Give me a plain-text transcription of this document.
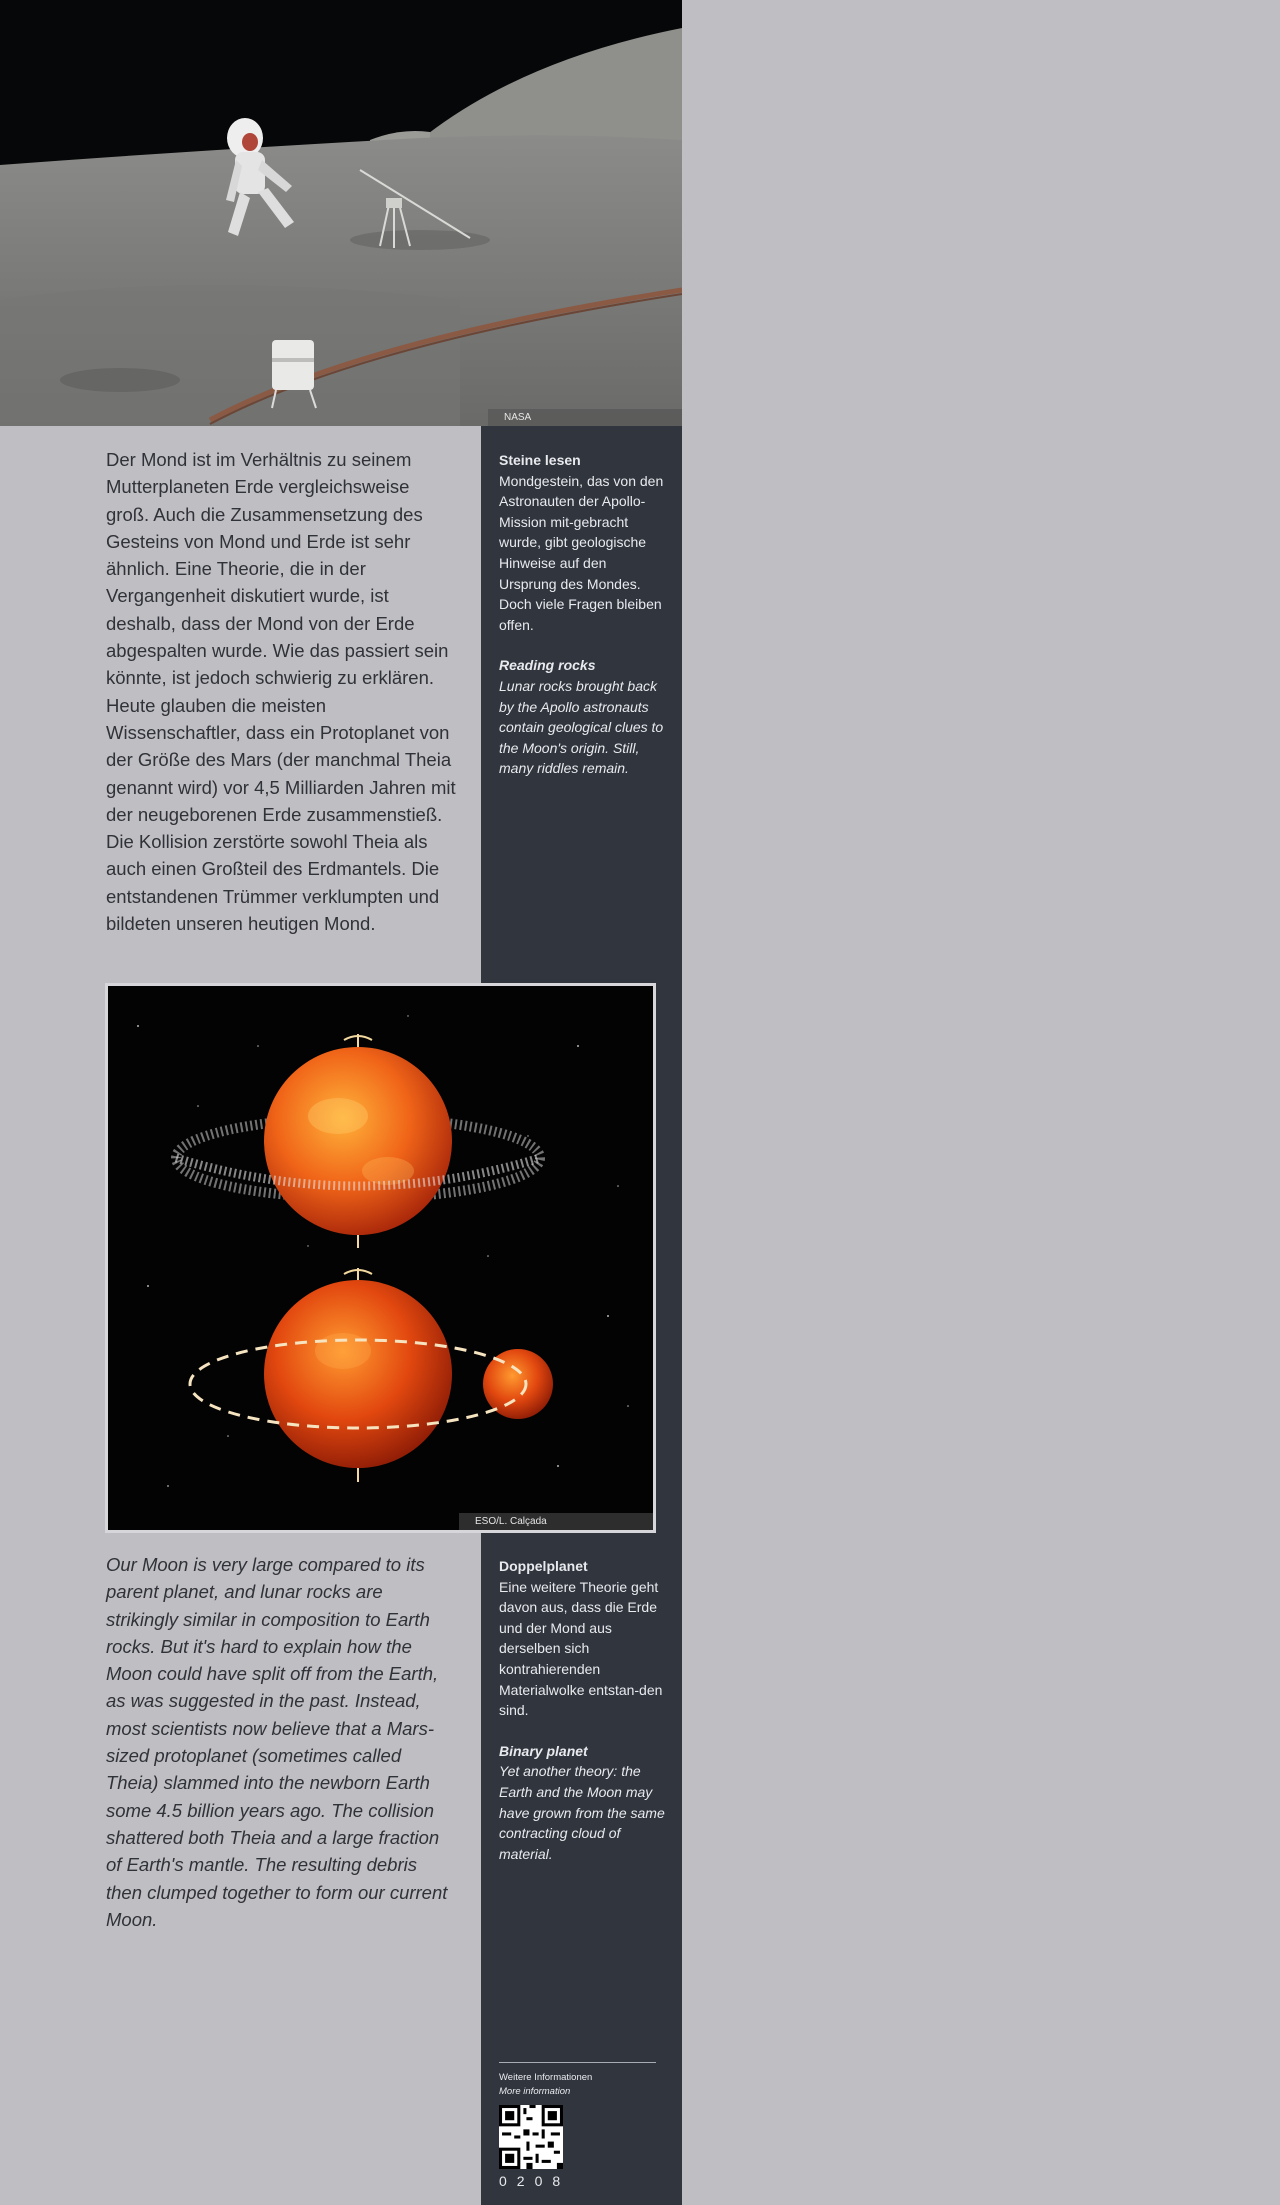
NASA
Steine lesen
Mondgestein, das von den Astronauten der Apollo-Mission mit-gebracht wurde, gibt geologische Hinweise auf den Ursprung des Mondes. Doch viele Fragen bleiben offen.
Reading rocks
Lunar rocks brought back by the Apollo astronauts contain geological clues to the Moon's origin. Still, many riddles remain.
Doppelplanet
Eine weitere Theorie geht davon aus, dass die Erde und der Mond aus derselben sich kontrahierenden Materialwolke entstan-den sind.
Binary planet
Yet another theory: the Earth and the Moon may have grown from the same contracting cloud of material.
Der Mond ist im Verhältnis zu seinem Mutterplaneten Erde vergleichsweise groß. Auch die Zusammensetzung des Gesteins von Mond und Erde ist sehr ähnlich. Eine Theorie, die in der Vergangenheit diskutiert wurde, ist deshalb, dass der Mond von der Erde abgespalten wurde. Wie das passiert sein könnte, ist jedoch schwierig zu erklären. Heute glauben die meisten Wissenschaftler, dass ein Protoplanet von der Größe des Mars (der manchmal Theia genannt wird) vor 4,5 Milliarden Jahren mit der neugeborenen Erde zusammenstieß. Die Kollision zerstörte sowohl Theia als auch einen Großteil des Erdmantels. Die entstandenen Trümmer verklumpten und bildeten unseren heutigen Mond.
ESO/L. Calçada
Our Moon is very large compared to its parent planet, and lunar rocks are strikingly similar in composition to Earth rocks. But it's hard to explain how the Moon could have split off from the Earth, as was suggested in the past. Instead, most scientists now believe that a Mars-sized protoplanet (sometimes called Theia) slammed into the newborn Earth some 4.5 billion years ago. The collision shattered both Theia and a large fraction of Earth's mantle. The resulting debris then clumped together to form our current Moon.
Weitere Informationen
More information
0208
